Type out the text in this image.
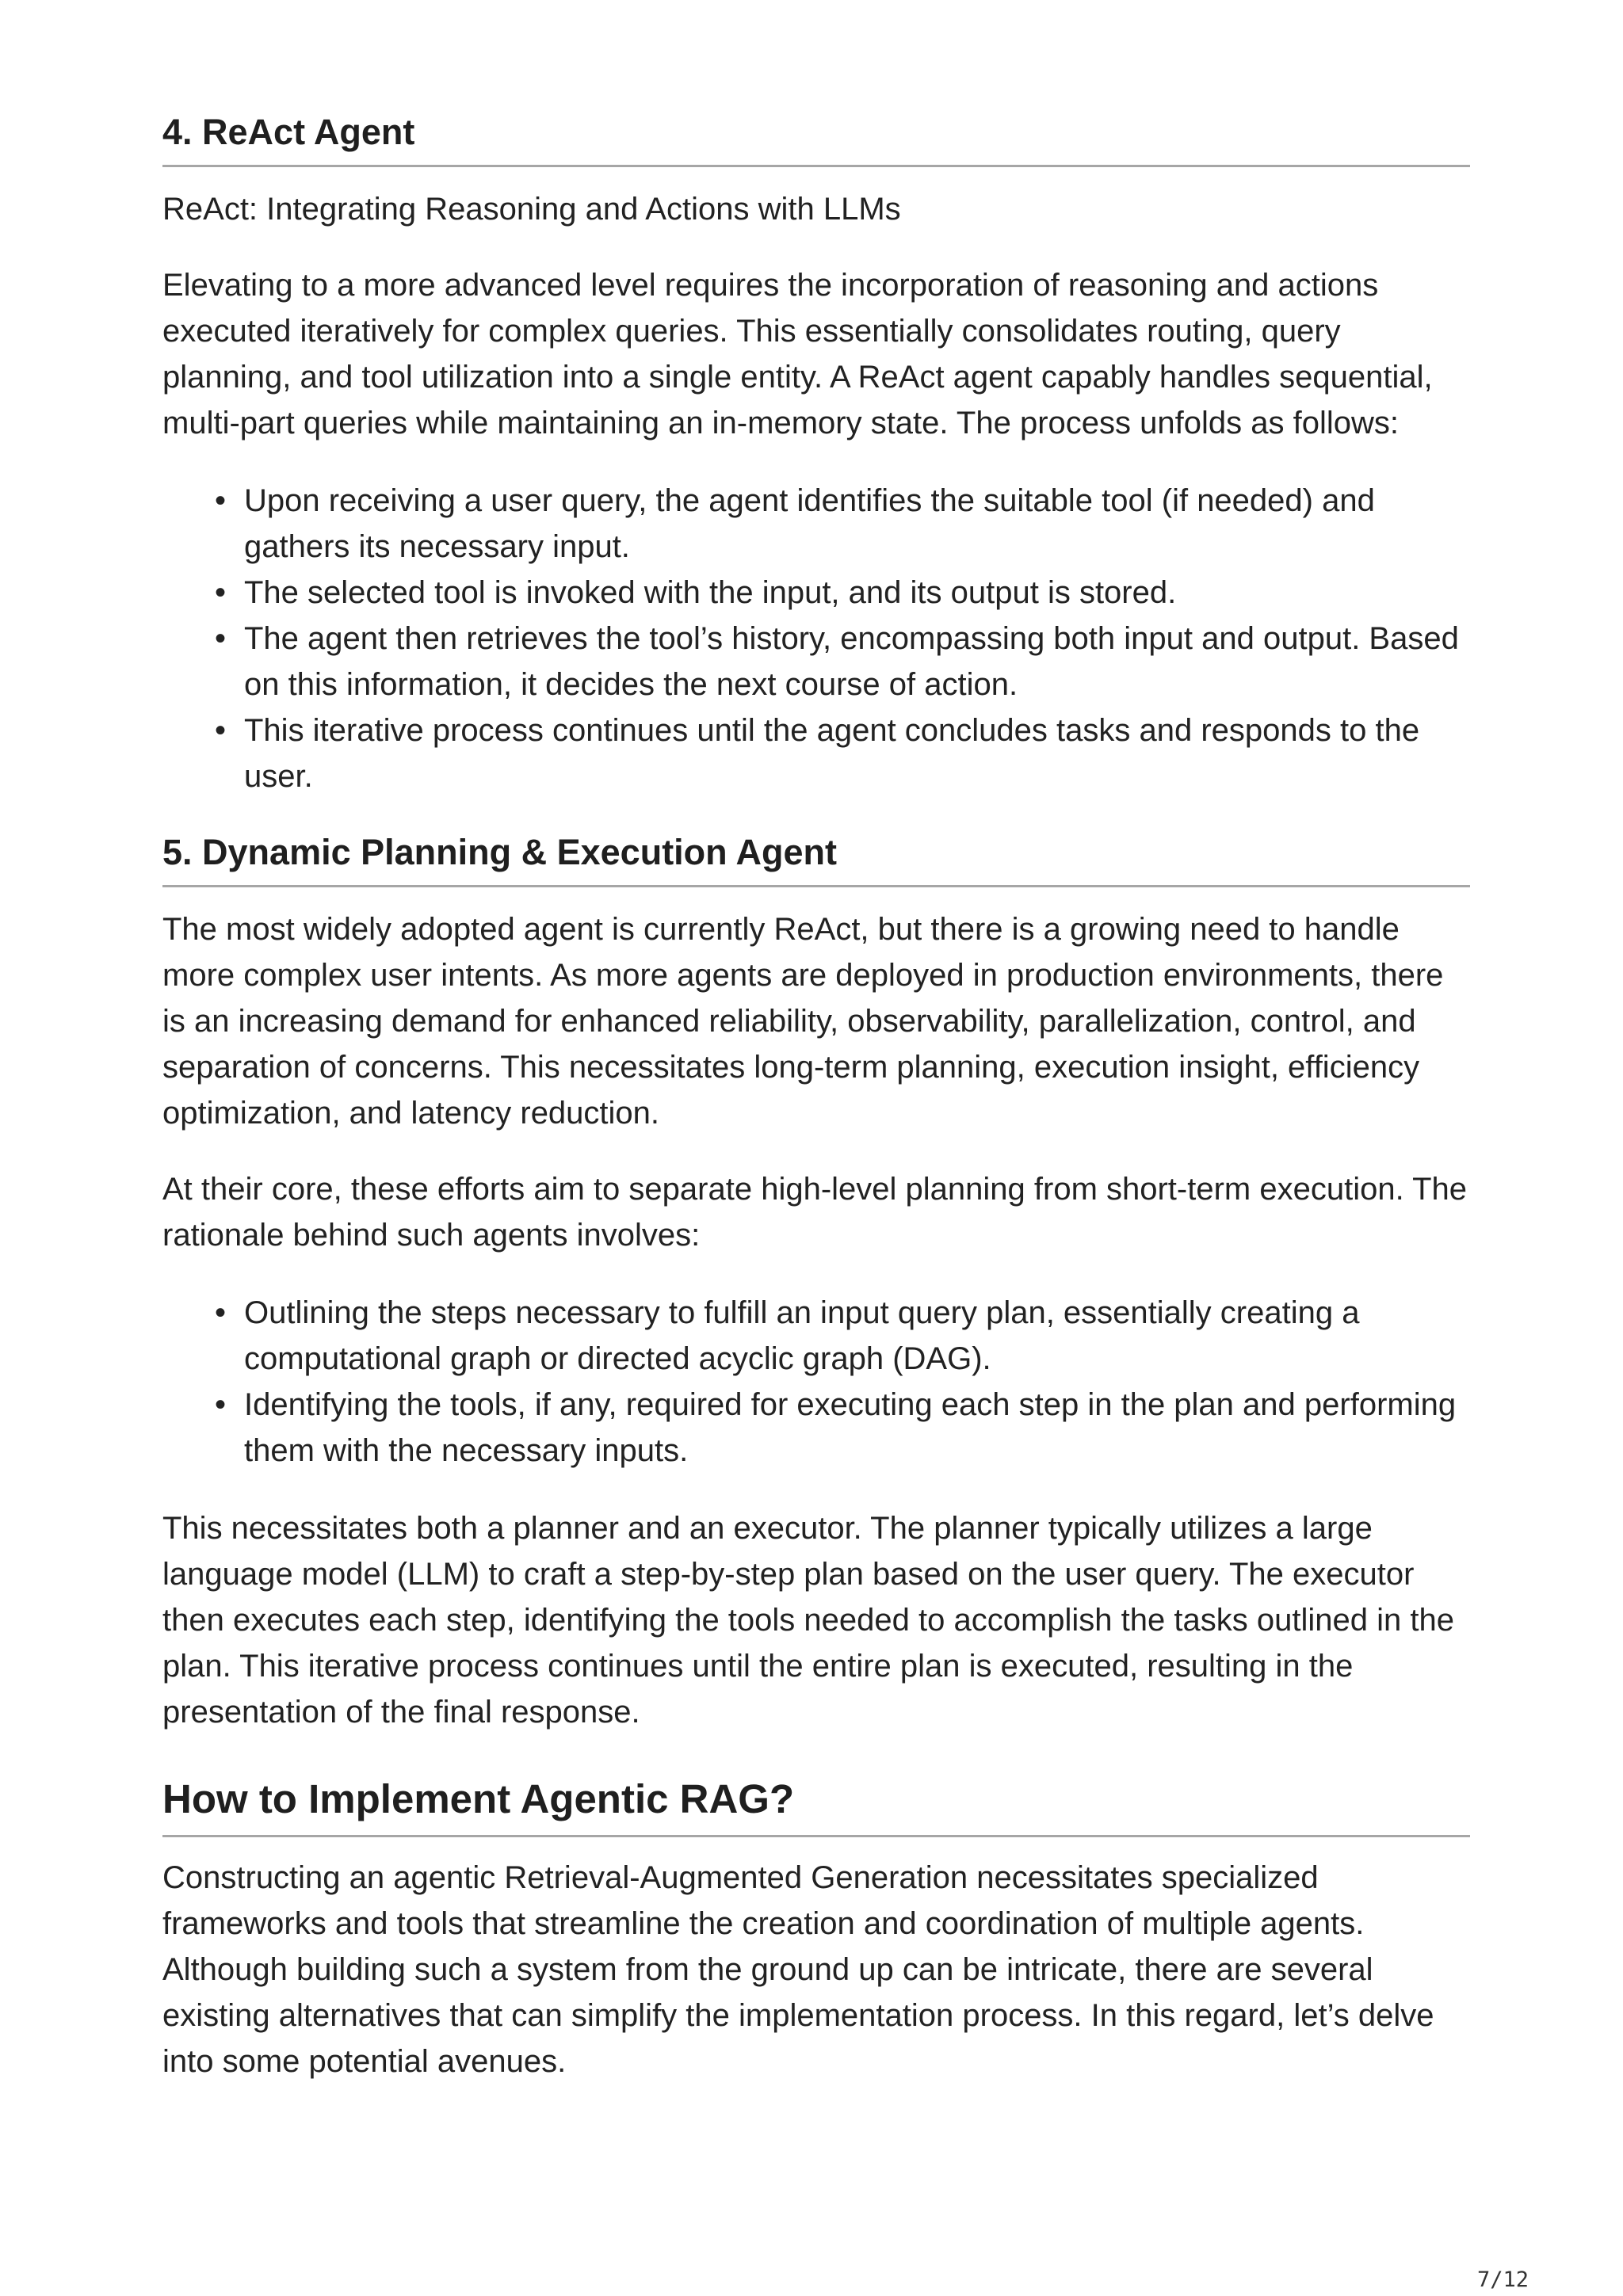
4. ReAct Agent

ReAct: Integrating Reasoning and Actions with LLMs

Elevating to a more advanced level requires the incorporation of reasoning and actions executed iteratively for complex queries. This essentially consolidates routing, query planning, and tool utilization into a single entity. A ReAct agent capably handles sequential, multi-part queries while maintaining an in-memory state. The process unfolds as follows:

• Upon receiving a user query, the agent identifies the suitable tool (if needed) and gathers its necessary input.
• The selected tool is invoked with the input, and its output is stored.
• The agent then retrieves the tool’s history, encompassing both input and output. Based on this information, it decides the next course of action.
• This iterative process continues until the agent concludes tasks and responds to the user.
5. Dynamic Planning & Execution Agent

The most widely adopted agent is currently ReAct, but there is a growing need to handle more complex user intents. As more agents are deployed in production environments, there is an increasing demand for enhanced reliability, observability, parallelization, control, and separation of concerns. This necessitates long-term planning, execution insight, efficiency optimization, and latency reduction.

At their core, these efforts aim to separate high-level planning from short-term execution. The rationale behind such agents involves:

• Outlining the steps necessary to fulfill an input query plan, essentially creating a computational graph or directed acyclic graph (DAG).
• Identifying the tools, if any, required for executing each step in the plan and performing them with the necessary inputs.

This necessitates both a planner and an executor. The planner typically utilizes a large language model (LLM) to craft a step-by-step plan based on the user query. The executor then executes each step, identifying the tools needed to accomplish the tasks outlined in the plan. This iterative process continues until the entire plan is executed, resulting in the presentation of the final response.

How to Implement Agentic RAG?

Constructing an agentic Retrieval-Augmented Generation necessitates specialized frameworks and tools that streamline the creation and coordination of multiple agents. Although building such a system from the ground up can be intricate, there are several existing alternatives that can simplify the implementation process. In this regard, let’s delve into some potential avenues.

7/12
